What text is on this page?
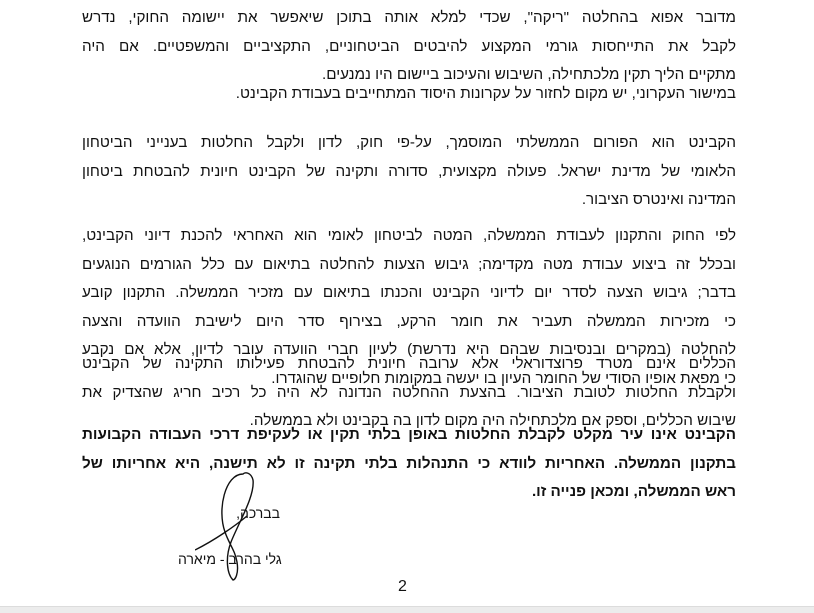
מדובר אפוא בהחלטה "ריקה", שכדי למלא אותה בתוכן שיאפשר את יישומה החוקי, נדרש
לקבל את התייחסות גורמי המקצוע להיבטים הביטחוניים, התקציביים והמשפטיים. אם היה
מתקיים הליך תקין מלכתחילה, השיבוש והעיכוב ביישום היו נמנעים.
במישור העקרוני, יש מקום לחזור על עקרונות היסוד המתחייבים בעבודת הקבינט.
הקבינט הוא הפורום הממשלתי המוסמך, על-פי חוק, לדון ולקבל החלטות בענייני הביטחון
הלאומי של מדינת ישראל. פעולה מקצועית, סדורה ותקינה של הקבינט חיונית להבטחת ביטחון
המדינה ואינטרס הציבור.
לפי החוק והתקנון לעבודת הממשלה, המטה לביטחון לאומי הוא האחראי להכנת דיוני הקבינט,
ובכלל זה ביצוע עבודת מטה מקדימה; גיבוש הצעות להחלטה בתיאום עם כלל הגורמים הנוגעים
בדבר; גיבוש הצעה לסדר יום לדיוני הקבינט והכנתו בתיאום עם מזכיר הממשלה. התקנון קובע
כי מזכירות הממשלה תעביר את חומר הרקע, בצירוף סדר היום לישיבת הוועדה והצעה
להחלטה (במקרים ובנסיבות שבהם היא נדרשת) לעיון חברי הוועדה עובר לדיון, אלא אם נקבע
כי מפאת אופיו הסודי של החומר העיון בו יעשה במקומות חלופיים שהוגדרו.
הכללים אינם מטרד פרוצדוראלי אלא ערובה חיונית להבטחת פעילותו התקינה של הקבינט
ולקבלת החלטות לטובת הציבור. בהצעת ההחלטה הנדונה לא היה כל רכיב חריג שהצדיק את
שיבוש הכללים, וספק אם מלכתחילה היה מקום לדון בה בקבינט ולא בממשלה.
הקבינט אינו עיר מקלט לקבלת החלטות באופן בלתי תקין או לעקיפת דרכי העבודה הקבועות
בתקנון הממשלה. האחריות לוודא כי התנהלות בלתי תקינה זו לא תישנה, היא אחריותו של
ראש הממשלה, ומכאן פנייה זו.
בברכה,
גלי בהרב - מיארה
2
